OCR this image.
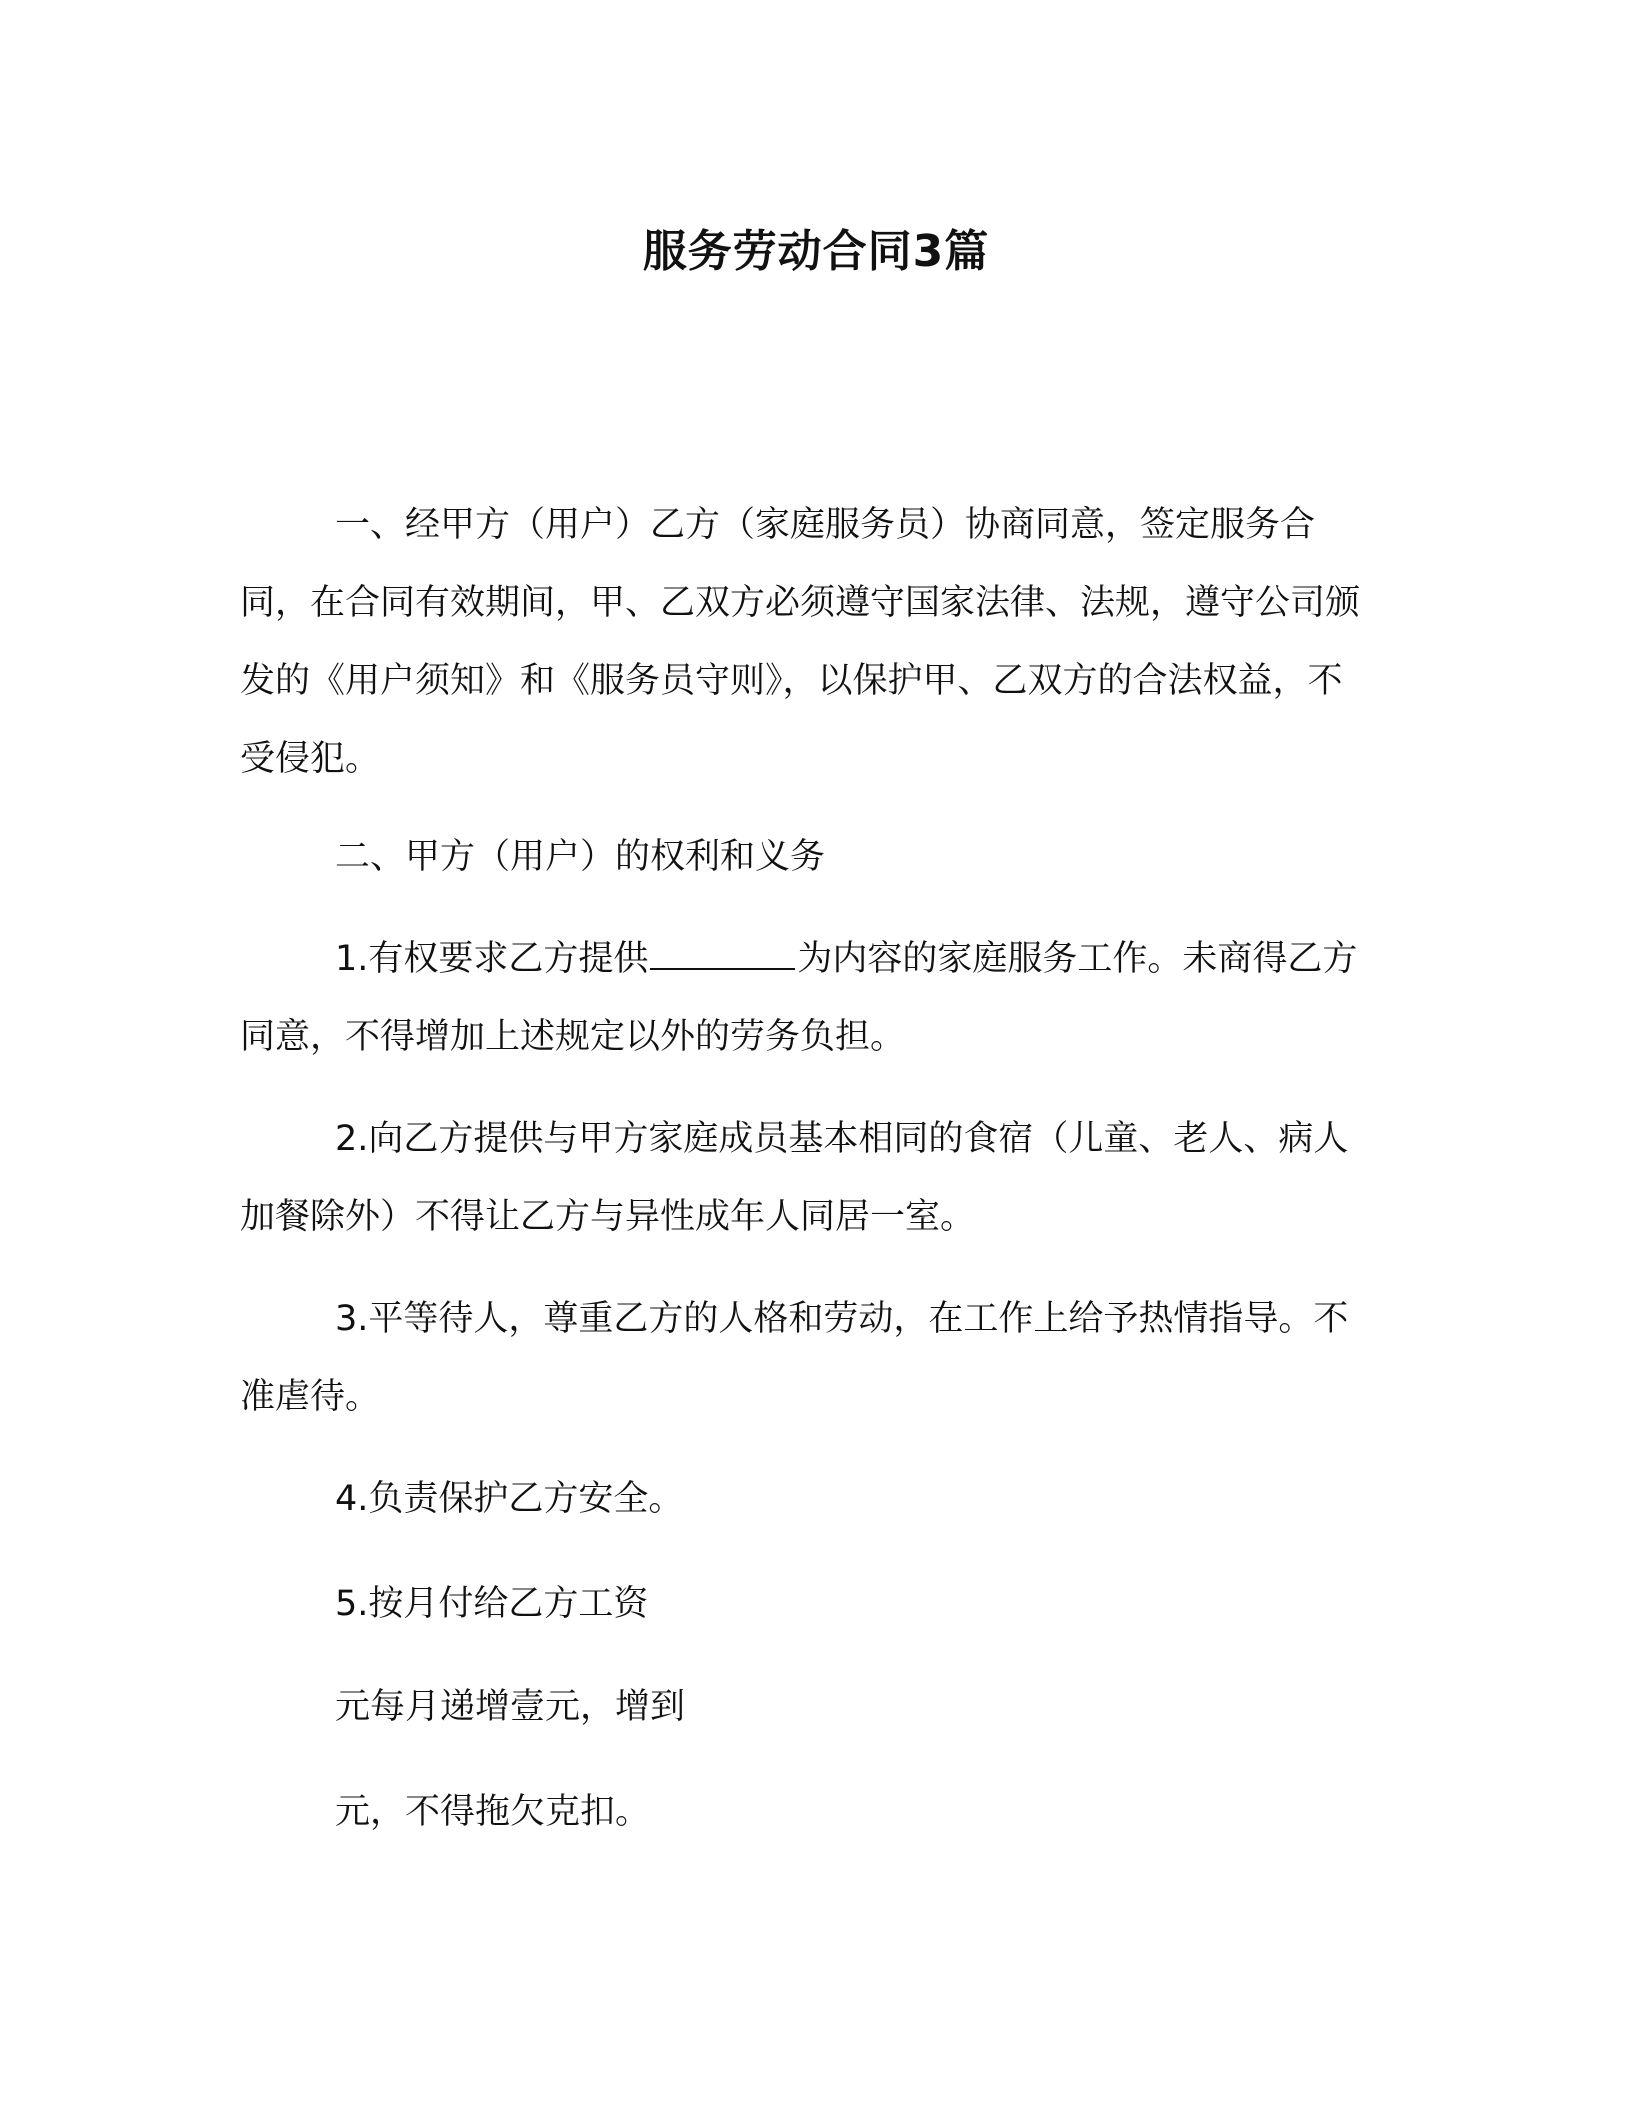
服务劳动合同3篇

一、经甲方（用户）乙方（家庭服务员）协商同意，签定服务合同，在合同有效期间，甲、乙双方必须遵守国家法律、法规，遵守公司颁发的《用户须知》和《服务员守则》，以保护甲、乙双方的合法权益，不受侵犯。

二、甲方（用户）的权利和义务

1.有权要求乙方提供	为内容的家庭服务工作。未商得乙方同意，不得增加上述规定以外的劳务负担。

2.向乙方提供与甲方家庭成员基本相同的食宿（儿童、老人、病人加餐除外）不得让乙方与异性成年人同居一室。

3.平等待人，尊重乙方的人格和劳动，在工作上给予热情指导。不准虐待。

4.负责保护乙方安全。

5.按月付给乙方工资

元每月递增壹元，增到

元，不得拖欠克扣。
